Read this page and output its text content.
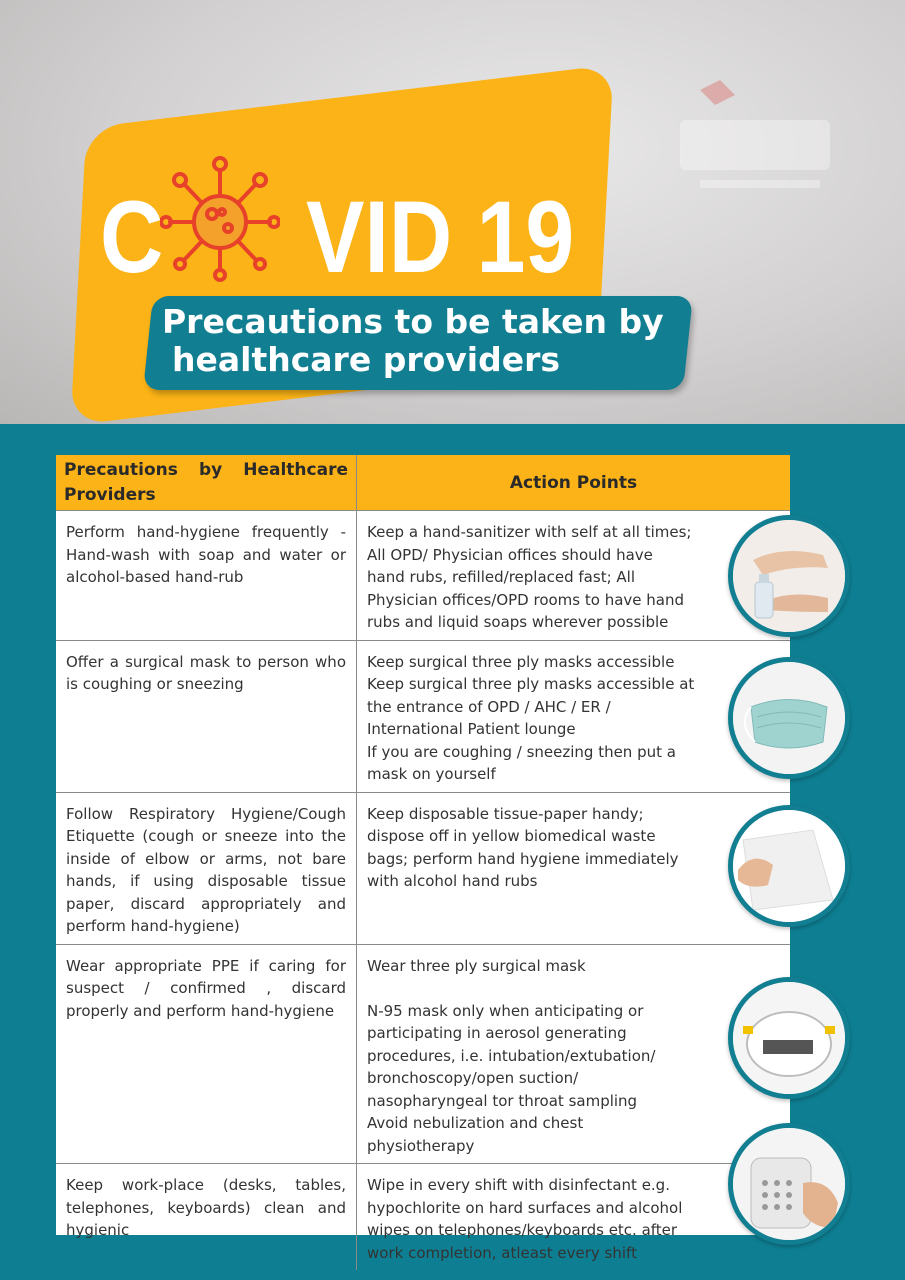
C VID 19
Precautions to be taken by
healthcare providers
Precautions by Healthcare Providers	Action Points
Perform hand-hygiene frequently - Hand-wash with soap and water or alcohol-based hand-rub	Keep a hand-sanitizer with self at all times; All OPD/ Physician offices should have hand rubs, refilled/replaced fast; All Physician offices/OPD rooms to have hand rubs and liquid soaps wherever possible
Offer a surgical mask to person who is coughing or sneezing	Keep surgical three ply masks accessible
Keep surgical three ply masks accessible at the entrance of OPD / AHC / ER / International Patient lounge
If you are coughing / sneezing then put a mask on yourself
Follow Respiratory Hygiene/Cough Etiquette (cough or sneeze into the inside of elbow or arms, not bare hands, if using disposable tissue paper, discard appropriately and perform hand-hygiene)	Keep disposable tissue-paper handy; dispose off in yellow biomedical waste bags; perform hand hygiene immediately with alcohol hand rubs
Wear appropriate PPE if caring for suspect / confirmed , discard properly and perform hand-hygiene	Wear three ply surgical mask

N-95 mask only when anticipating or participating in aerosol generating procedures, i.e. intubation/extubation/ bronchoscopy/open suction/ nasopharyngeal tor throat sampling
Avoid nebulization and chest physiotherapy
Keep work-place (desks, tables, telephones, keyboards) clean and hygienic	Wipe in every shift with disinfectant e.g. hypochlorite on hard surfaces and alcohol wipes on telephones/keyboards etc. after work completion, atleast every shift
